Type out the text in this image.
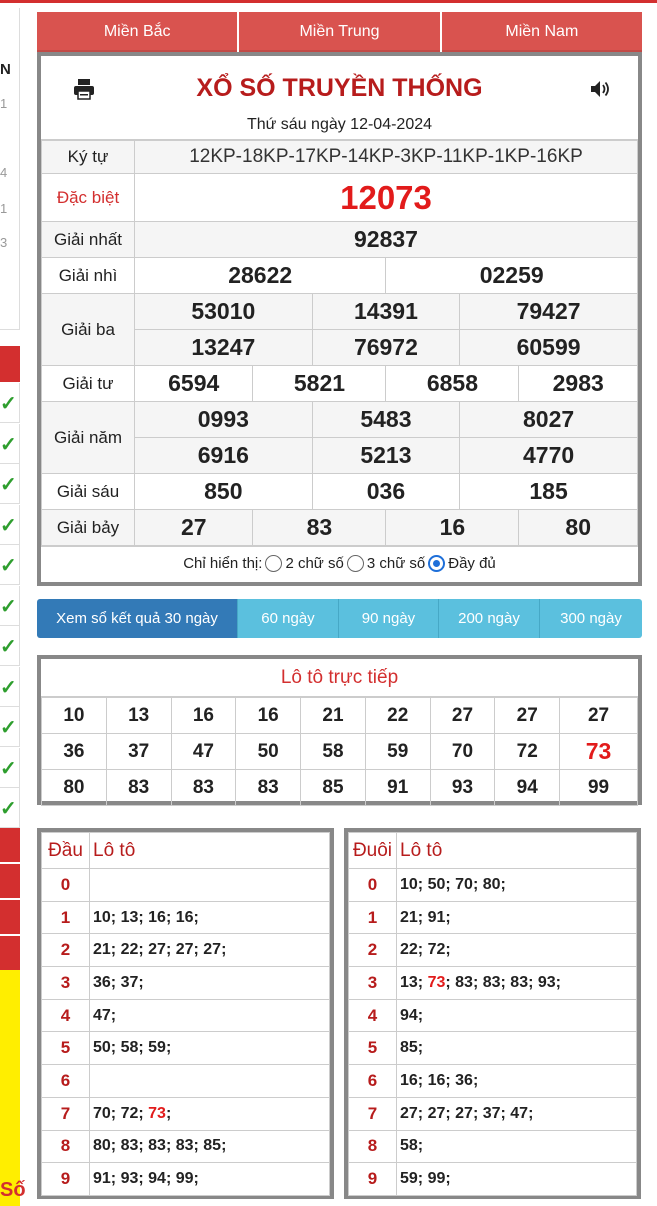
N
1
4
1
3
✓
✓
✓
✓
✓
✓
✓
✓
✓
✓
✓
Số
Miền Bắc	Miền Trung	Miền Nam
XỔ SỐ TRUYỀN THỐNG
Thứ sáu ngày 12-04-2024
Ký tự	12KP-18KP-17KP-14KP-3KP-11KP-1KP-16KP					
Đặc biệt	12073					
Giải nhất	92837					
Giải nhì	28622			02259		
Giải ba	53010		14391		79427	
	13247		76972		60599	
Giải tư	6594	5821		6858		2983
Giải năm	0993		5483		8027	
	6916		5213		4770	
Giải sáu	850		036		185	
Giải bảy	27	83		16		80
Chỉ hiển thị: 2 chữ số 3 chữ số Đầy đủ
Xem sổ kết quả 30 ngày	60 ngày	90 ngày	200 ngày	300 ngày
Lô tô trực tiếp
10	13	16	16	21	22	27	27	27
36	37	47	50	58	59	70	72	73
80	83	83	83	85	91	93	94	99
Đầu	Lô tô
0	
1	10; 13; 16; 16;
2	21; 22; 27; 27; 27;
3	36; 37;
4	47;
5	50; 58; 59;
6	
7	70; 72; 73;
8	80; 83; 83; 83; 85;
9	91; 93; 94; 99;
Đuôi	Lô tô
0	10; 50; 70; 80;
1	21; 91;
2	22; 72;
3	13; 73; 83; 83; 83; 93;
4	94;
5	85;
6	16; 16; 36;
7	27; 27; 27; 37; 47;
8	58;
9	59; 99;
